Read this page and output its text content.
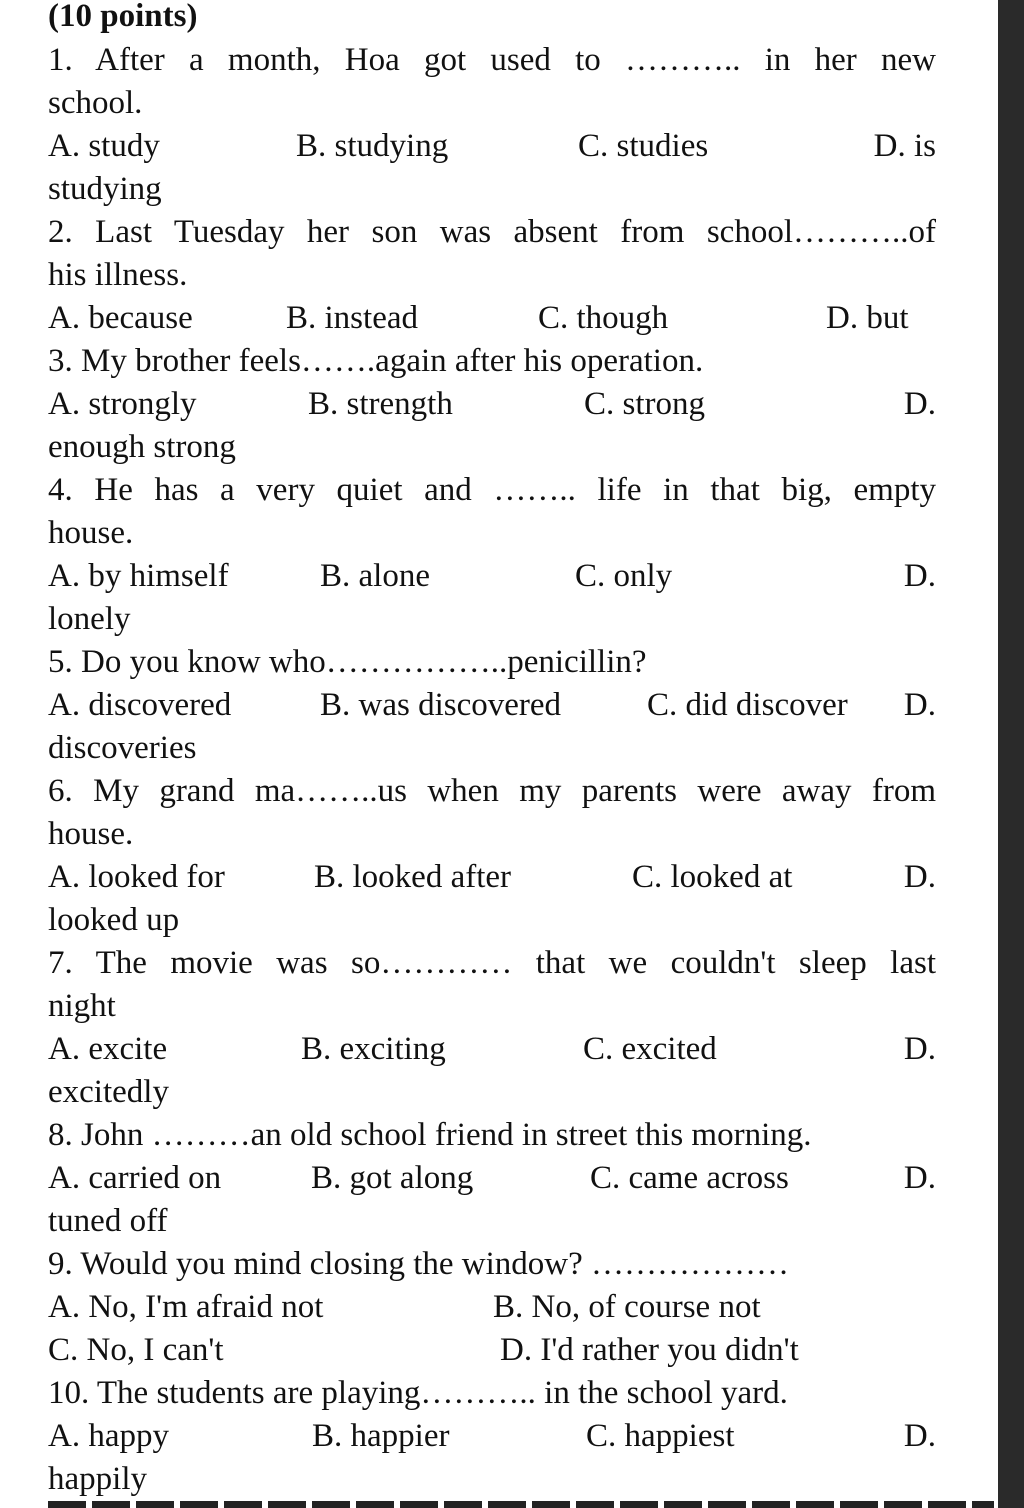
(10 points)
1. After a month, Hoa got used to ……….. in her new
school.
A. study	B. studying	C. studies	D. is
studying
2. Last Tuesday her son was absent from school………..of
his illness.
A. because	B. instead	C. though	D. but
3. My brother feels…….again after his operation.
A. strongly	B. strength	C. strong	D.
enough strong
4. He has a very quiet and …….. life in that big, empty
house.
A. by himself	B. alone	C. only	D.
lonely
5. Do you know who……………..penicillin?
A. discovered	B. was discovered	C. did discover D.
discoveries
6. My grand ma……..us when my parents were away from
house.
A. looked for	B. looked after	C. looked at	D.
looked up
7. The movie was so………… that we couldn't sleep last
night
A. excite	B. exciting	C. excited	D.
excitedly
8. John ………an old school friend in street this morning.
A. carried on	B. got along	C. came across	D.
tuned off
9. Would you mind closing the window? ………………
A. No, I'm afraid not	B. No, of course not
C. No, I can't	D. I'd rather you didn't
10. The students are playing……….. in the school yard.
A. happy	B. happier	C. happiest	D.
happily
